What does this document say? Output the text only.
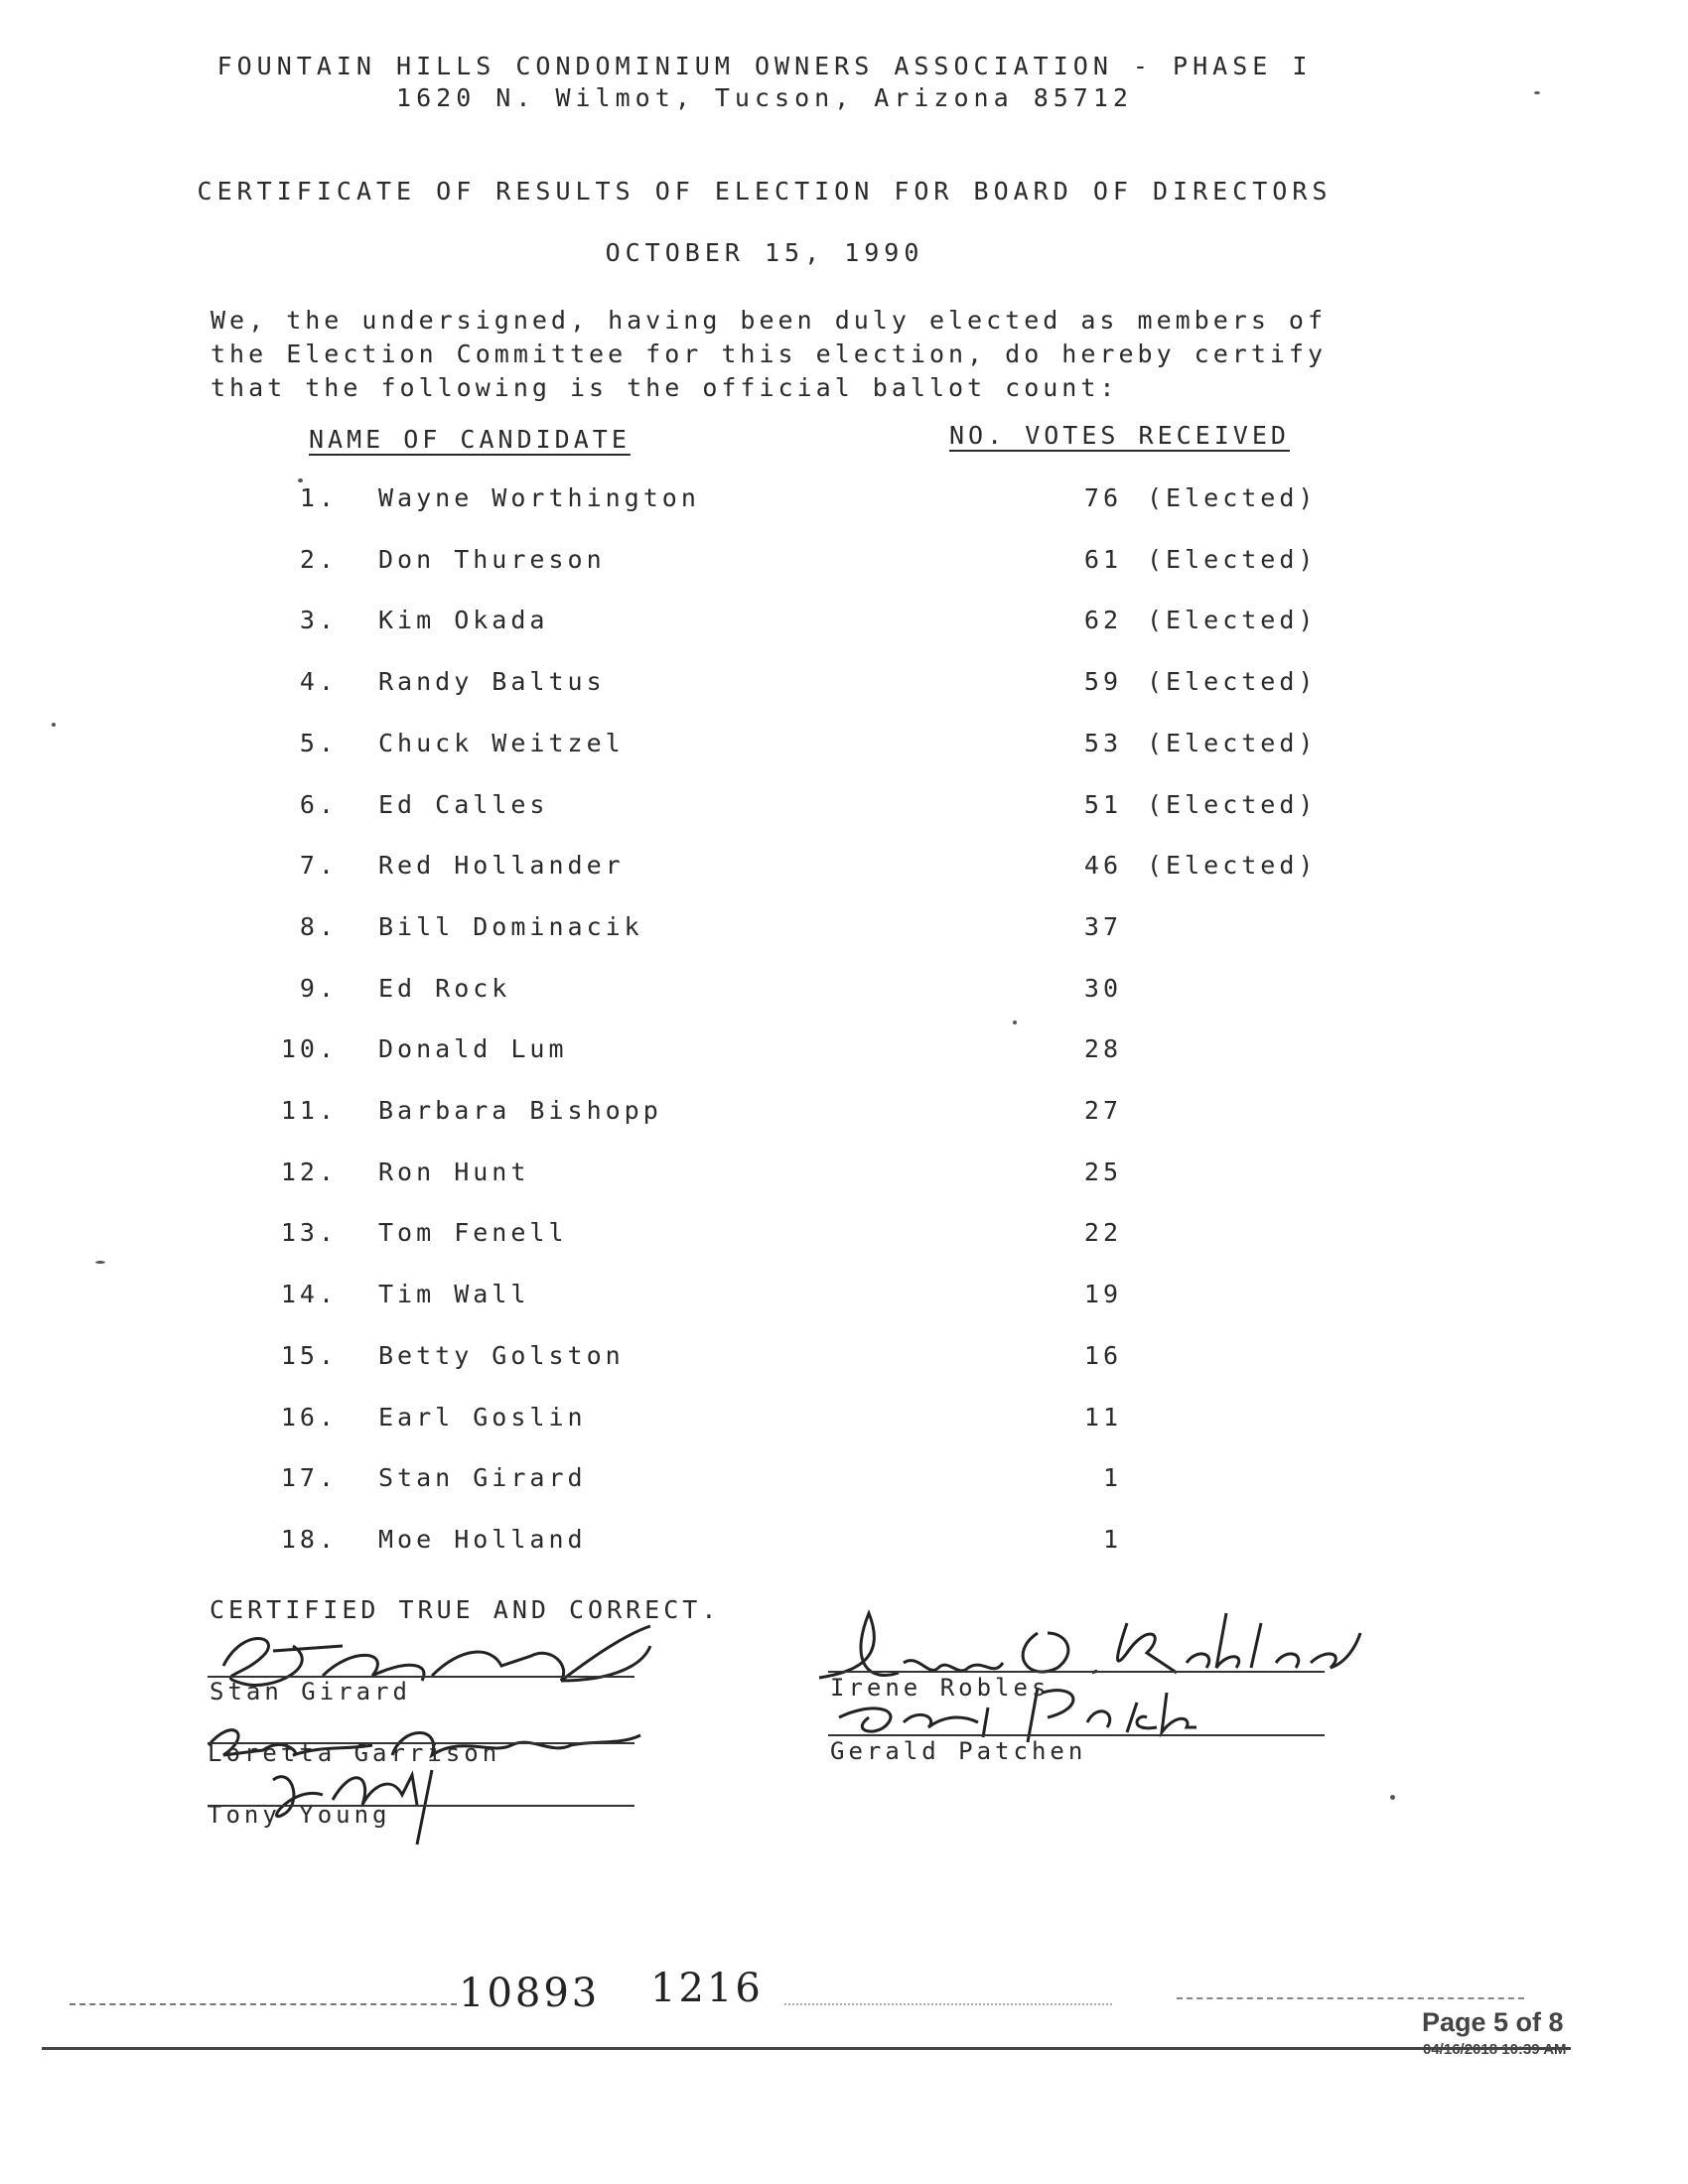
FOUNTAIN HILLS CONDOMINIUM OWNERS ASSOCIATION - PHASE I
1620 N. Wilmot, Tucson, Arizona 85712
CERTIFICATE OF RESULTS OF ELECTION FOR BOARD OF DIRECTORS
OCTOBER 15, 1990
We, the undersigned, having been duly elected as members of
the Election Committee for this election, do hereby certify
that the following is the official ballot count:
NAME OF CANDIDATE	NO. VOTES RECEIVED
1. Wayne Worthington	76 (Elected)
2. Don Thureson	61 (Elected)
3. Kim Okada	62 (Elected)
4. Randy Baltus	59 (Elected)
5. Chuck Weitzel	53 (Elected)
6. Ed Calles	51 (Elected)
7. Red Hollander	46 (Elected)
8. Bill Dominacik	37
9. Ed Rock	30
10. Donald Lum	28
11. Barbara Bishopp	27
12. Ron Hunt	25
13. Tom Fenell	22
14. Tim Wall	19
15. Betty Golston	16
16. Earl Goslin	11
17. Stan Girard	1
18. Moe Holland	1
CERTIFIED TRUE AND CORRECT.
Stan Girard
Loretta Garrison
Tony Young
Irene Robles
Gerald Patchen
10893 1216
Page 5 of 8
04/16/2018 10:39 AM
